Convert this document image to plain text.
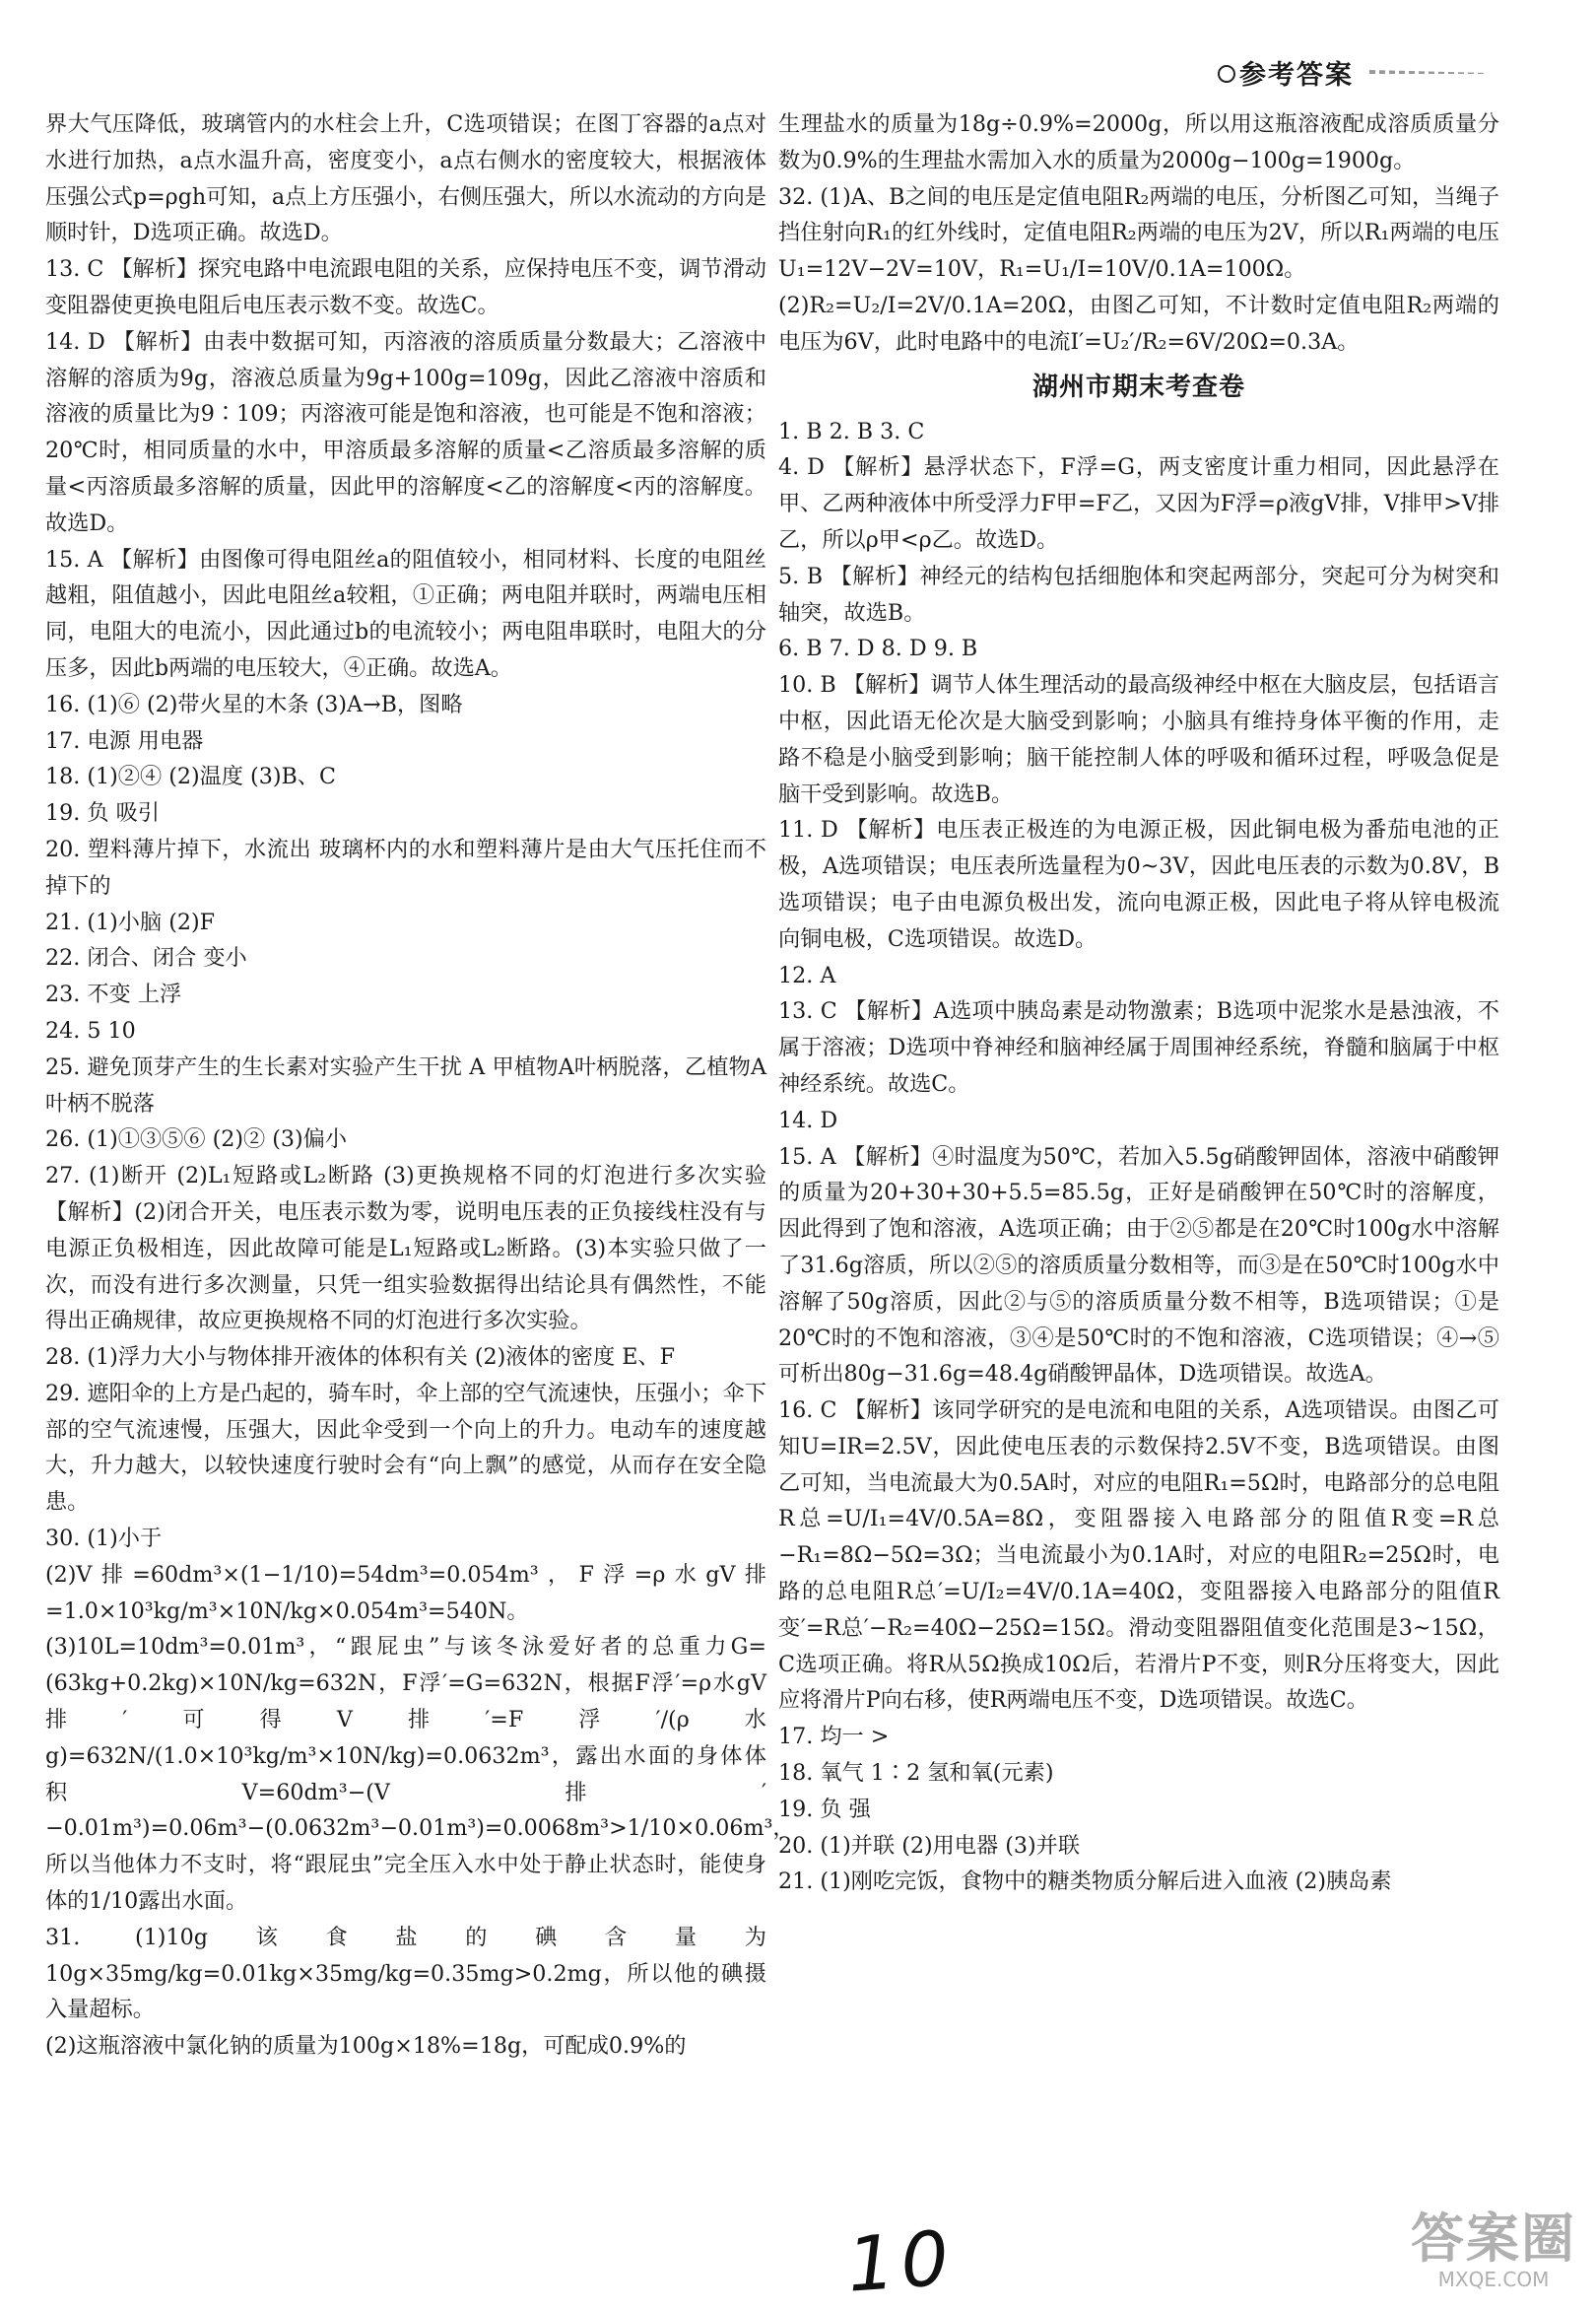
参考答案

界大气压降低，玻璃管内的水柱会上升，C选项错误；在图丁容器的a点对水进行加热，a点水温升高，密度变小，a点右侧水的密度较大，根据液体压强公式p=ρgh可知，a点上方压强小，右侧压强大，所以水流动的方向是顺时针，D选项正确。故选D。

13. C 【解析】探究电路中电流跟电阻的关系，应保持电压不变，调节滑动变阻器使更换电阻后电压表示数不变。故选C。

14. D 【解析】由表中数据可知，丙溶液的溶质质量分数最大；乙溶液中溶解的溶质为9g，溶液总质量为9g+100g=109g，因此乙溶液中溶质和溶液的质量比为9∶109；丙溶液可能是饱和溶液，也可能是不饱和溶液；20℃时，相同质量的水中，甲溶质最多溶解的质量<乙溶质最多溶解的质量<丙溶质最多溶解的质量，因此甲的溶解度<乙的溶解度<丙的溶解度。故选D。

15. A 【解析】由图像可得电阻丝a的阻值较小，相同材料、长度的电阻丝越粗，阻值越小，因此电阻丝a较粗，①正确；两电阻并联时，两端电压相同，电阻大的电流小，因此通过b的电流较小；两电阻串联时，电阻大的分压多，因此b两端的电压较大，④正确。故选A。

16. (1)⑥ (2)带火星的木条 (3)A→B，图略

17. 电源 用电器

18. (1)②④ (2)温度 (3)B、C

19. 负 吸引

20. 塑料薄片掉下，水流出 玻璃杯内的水和塑料薄片是由大气压托住而不掉下的

21. (1)小脑 (2)F

22. 闭合、闭合 变小

23. 不变 上浮

24. 5 10

25. 避免顶芽产生的生长素对实验产生干扰 A 甲植物A叶柄脱落，乙植物A叶柄不脱落

26. (1)①③⑤⑥ (2)② (3)偏小

27. (1)断开 (2)L₁短路或L₂断路 (3)更换规格不同的灯泡进行多次实验 【解析】(2)闭合开关，电压表示数为零，说明电压表的正负接线柱没有与电源正负极相连，因此故障可能是L₁短路或L₂断路。(3)本实验只做了一次，而没有进行多次测量，只凭一组实验数据得出结论具有偶然性，不能得出正确规律，故应更换规格不同的灯泡进行多次实验。

28. (1)浮力大小与物体排开液体的体积有关 (2)液体的密度 E、F

29. 遮阳伞的上方是凸起的，骑车时，伞上部的空气流速快，压强小；伞下部的空气流速慢，压强大，因此伞受到一个向上的升力。电动车的速度越大，升力越大，以较快速度行驶时会有“向上飘”的感觉，从而存在安全隐患。

30. (1)小于

(2)V排=60dm³×(1−1/10)=54dm³=0.054m³，F浮=ρ水gV排=1.0×10³kg/m³×10N/kg×0.054m³=540N。

(3)10L=10dm³=0.01m³，“跟屁虫”与该冬泳爱好者的总重力G=(63kg+0.2kg)×10N/kg=632N，F浮′=G=632N，根据F浮′=ρ水gV排′可得V排′=F浮′/(ρ水g)=632N/(1.0×10³kg/m³×10N/kg)=0.0632m³，露出水面的身体体积V=60dm³−(V排′−0.01m³)=0.06m³−(0.0632m³−0.01m³)=0.0068m³>1/10×0.06m³，所以当他体力不支时，将“跟屁虫”完全压入水中处于静止状态时，能使身体的1/10露出水面。

31. (1)10g该食盐的碘含量为10g×35mg/kg=0.01kg×35mg/kg=0.35mg>0.2mg，所以他的碘摄入量超标。

(2)这瓶溶液中氯化钠的质量为100g×18%=18g，可配成0.9%的

生理盐水的质量为18g÷0.9%=2000g，所以用这瓶溶液配成溶质质量分数为0.9%的生理盐水需加入水的质量为2000g−100g=1900g。

32. (1)A、B之间的电压是定值电阻R₂两端的电压，分析图乙可知，当绳子挡住射向R₁的红外线时，定值电阻R₂两端的电压为2V，所以R₁两端的电压U₁=12V−2V=10V，R₁=U₁/I=10V/0.1A=100Ω。

(2)R₂=U₂/I=2V/0.1A=20Ω，由图乙可知，不计数时定值电阻R₂两端的电压为6V，此时电路中的电流I′=U₂′/R₂=6V/20Ω=0.3A。

湖州市期末考查卷

1. B 2. B 3. C

4. D 【解析】悬浮状态下，F浮=G，两支密度计重力相同，因此悬浮在甲、乙两种液体中所受浮力F甲=F乙，又因为F浮=ρ液gV排，V排甲>V排乙，所以ρ甲<ρ乙。故选D。

5. B 【解析】神经元的结构包括细胞体和突起两部分，突起可分为树突和轴突，故选B。

6. B 7. D 8. D 9. B

10. B 【解析】调节人体生理活动的最高级神经中枢在大脑皮层，包括语言中枢，因此语无伦次是大脑受到影响；小脑具有维持身体平衡的作用，走路不稳是小脑受到影响；脑干能控制人体的呼吸和循环过程，呼吸急促是脑干受到影响。故选B。

11. D 【解析】电压表正极连的为电源正极，因此铜电极为番茄电池的正极，A选项错误；电压表所选量程为0~3V，因此电压表的示数为0.8V，B选项错误；电子由电源负极出发，流向电源正极，因此电子将从锌电极流向铜电极，C选项错误。故选D。

12. A

13. C 【解析】A选项中胰岛素是动物激素；B选项中泥浆水是悬浊液，不属于溶液；D选项中脊神经和脑神经属于周围神经系统，脊髓和脑属于中枢神经系统。故选C。

14. D

15. A 【解析】④时温度为50℃，若加入5.5g硝酸钾固体，溶液中硝酸钾的质量为20+30+30+5.5=85.5g，正好是硝酸钾在50℃时的溶解度，因此得到了饱和溶液，A选项正确；由于②⑤都是在20℃时100g水中溶解了31.6g溶质，所以②⑤的溶质质量分数相等，而③是在50℃时100g水中溶解了50g溶质，因此②与⑤的溶质质量分数不相等，B选项错误；①是20℃时的不饱和溶液，③④是50℃时的不饱和溶液，C选项错误；④→⑤可析出80g−31.6g=48.4g硝酸钾晶体，D选项错误。故选A。

16. C 【解析】该同学研究的是电流和电阻的关系，A选项错误。由图乙可知U=IR=2.5V，因此使电压表的示数保持2.5V不变，B选项错误。由图乙可知，当电流最大为0.5A时，对应的电阻R₁=5Ω时，电路部分的总电阻R总=U/I₁=4V/0.5A=8Ω，变阻器接入电路部分的阻值R变=R总−R₁=8Ω−5Ω=3Ω；当电流最小为0.1A时，对应的电阻R₂=25Ω时，电路的总电阻R总′=U/I₂=4V/0.1A=40Ω，变阻器接入电路部分的阻值R变′=R总′−R₂=40Ω−25Ω=15Ω。滑动变阻器阻值变化范围是3~15Ω，C选项正确。将R从5Ω换成10Ω后，若滑片P不变，则R分压将变大，因此应将滑片P向右移，使R两端电压不变，D选项错误。故选C。

17. 均一 >

18. 氧气 1∶2 氢和氧(元素)

19. 负 强

20. (1)并联 (2)用电器 (3)并联

21. (1)刚吃完饭，食物中的糖类物质分解后进入血液 (2)胰岛素

10	答案圈
MXQE.COM
